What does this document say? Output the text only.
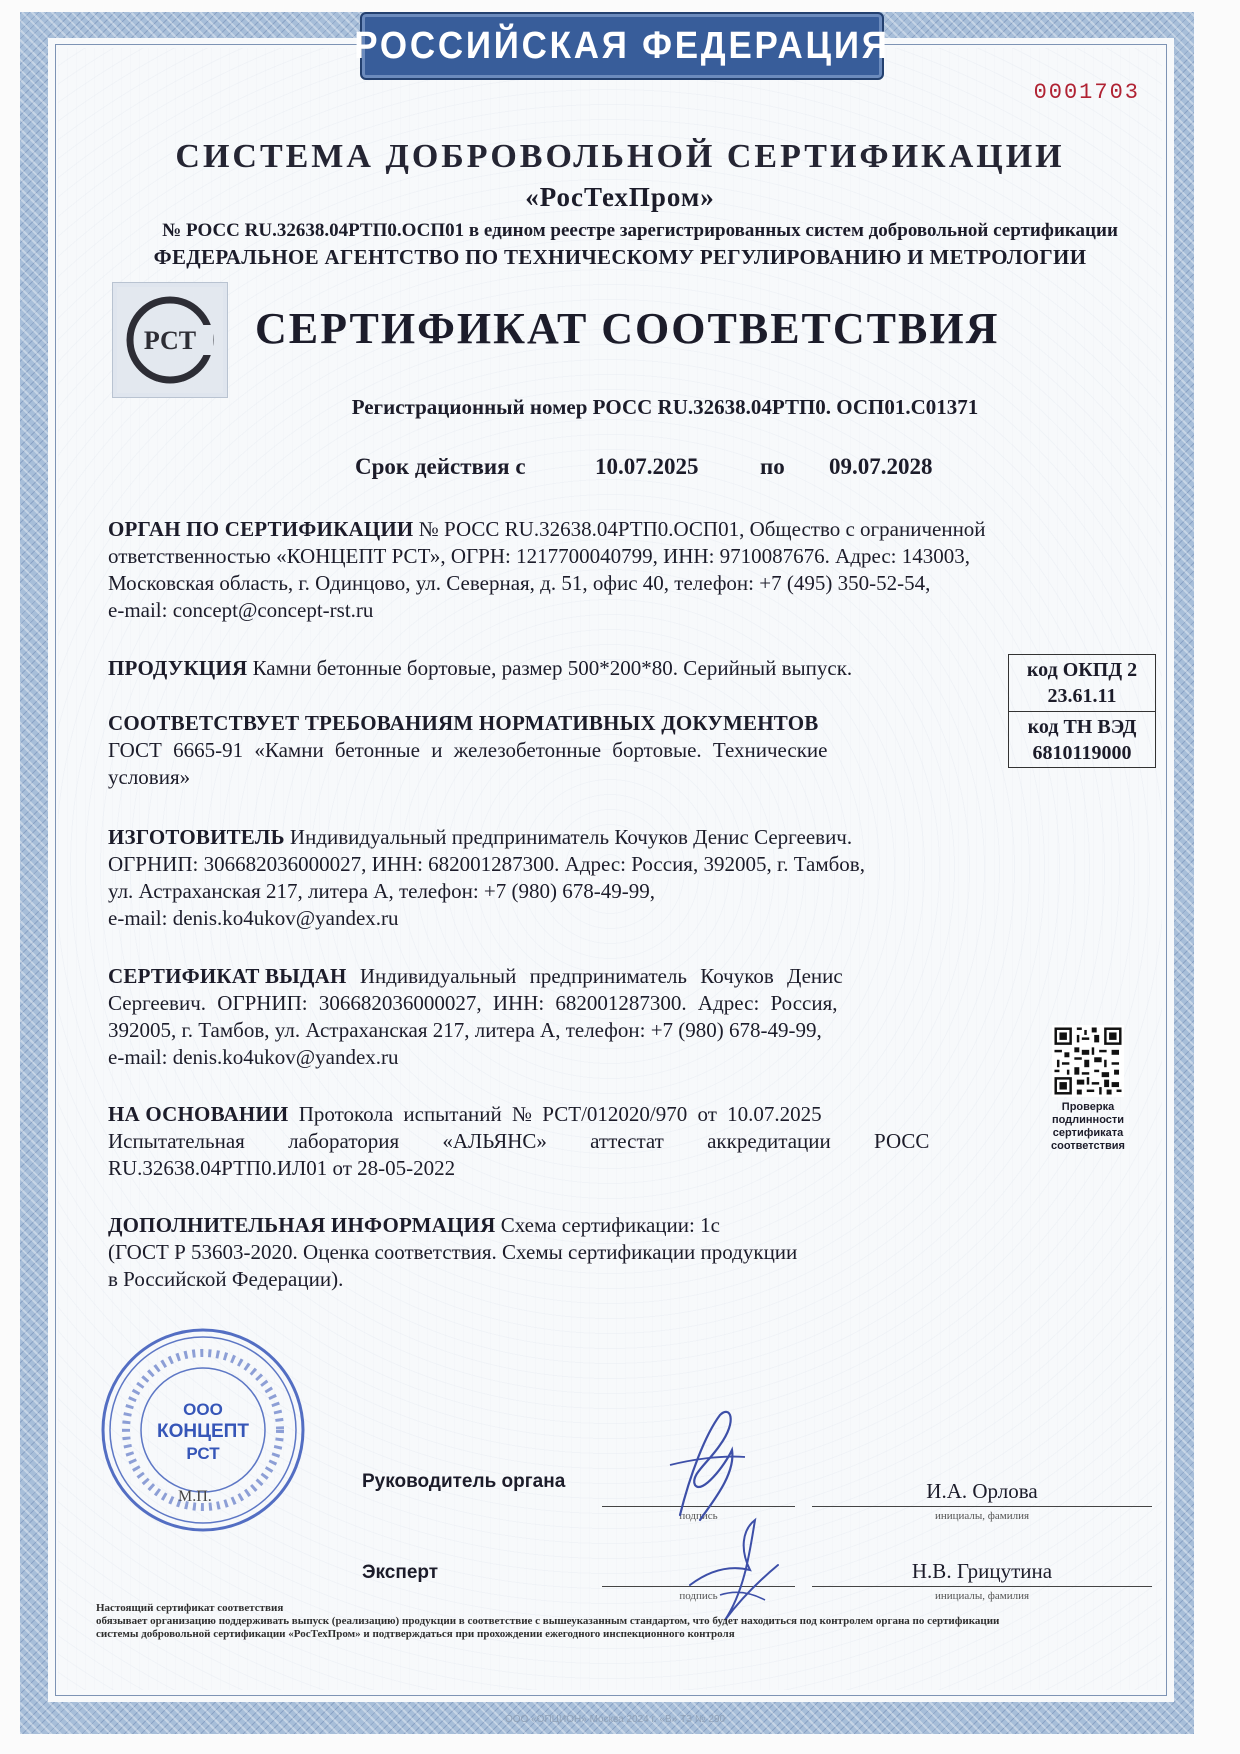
РОССИЙСКАЯ ФЕДЕРАЦИЯ
0001703
СИСТЕМА ДОБРОВОЛЬНОЙ СЕРТИФИКАЦИИ
«РосТехПром»
№ РОСС RU.32638.04РТП0.ОСП01 в едином реестре зарегистрированных систем добровольной сертификации
ФЕДЕРАЛЬНОЕ АГЕНТСТВО ПО ТЕХНИЧЕСКОМУ РЕГУЛИРОВАНИЮ И МЕТРОЛОГИИ
РСТ СЕРТИФИКАТ СООТВЕТСТВИЯ
Регистрационный номер РОСС RU.32638.04РТП0. ОСП01.С01371
Срок действия с	10.07.2025	по 09.07.2028
ОРГАН ПО СЕРТИФИКАЦИИ № РОСС RU.32638.04РТП0.ОСП01, Общество с ограниченной
ответственностью «КОНЦЕПТ РСТ», ОГРН: 1217700040799, ИНН: 9710087676. Адрес: 143003,
Московская область, г. Одинцово, ул. Северная, д. 51, офис 40, телефон: +7 (495) 350-52-54,
e-mail: concept@concept-rst.ru
ПРОДУКЦИЯ Камни бетонные бортовые, размер 500*200*80. Серийный выпуск.	код ОКПД 2
23.61.11
код ТН ВЭД
6810119000
СООТВЕТСТВУЕТ ТРЕБОВАНИЯМ НОРМАТИВНЫХ ДОКУМЕНТОВ
ГОСТ 6665-91 «Камни бетонные и железобетонные бортовые. Технические
условия»
ИЗГОТОВИТЕЛЬ Индивидуальный предприниматель Кочуков Денис Сергеевич.
ОГРНИП: 306682036000027, ИНН: 682001287300. Адрес: Россия, 392005, г. Тамбов,
ул. Астраханская 217, литера А, телефон: +7 (980) 678-49-99,
e-mail: denis.ko4ukov@yandex.ru
СЕРТИФИКАТ ВЫДАН Индивидуальный предприниматель Кочуков Денис
Сергеевич. ОГРНИП: 306682036000027, ИНН: 682001287300. Адрес: Россия,
392005, г. Тамбов, ул. Астраханская 217, литера А, телефон: +7 (980) 678-49-99,
e-mail: denis.ko4ukov@yandex.ru
НА ОСНОВАНИИ Протокола испытаний № РСТ/012020/970 от 10.07.2025
Испытательная лаборатория «АЛЬЯНС» аттестат аккредитации РОСС
RU.32638.04РТП0.ИЛ01 от 28-05-2022
ДОПОЛНИТЕЛЬНАЯ ИНФОРМАЦИЯ Схема сертификации: 1с
(ГОСТ Р 53603-2020. Оценка соответствия. Схемы сертификации продукции
в Российской Федерации).
Проверка
подлинности
сертификата
соответствия
ООО
КОНЦЕПТ
РСТ
М.П.
Руководитель органа
подпись
И.А. Орлова
инициалы, фамилия
Эксперт
подпись
Н.В. Грицутина
инициалы, фамилия
Настоящий сертификат соответствия
обязывает организацию поддерживать выпуск (реализацию) продукции в соответствие с вышеуказанным стандартом, что будет находиться под контролем органа по сертификации
системы добровольной сертификации «РосТехПром» и подтверждаться при прохождении ежегодного инспекционного контроля
ООО «ОПЦИОН» Москва 2024 г. «В» ТЗ № 290
